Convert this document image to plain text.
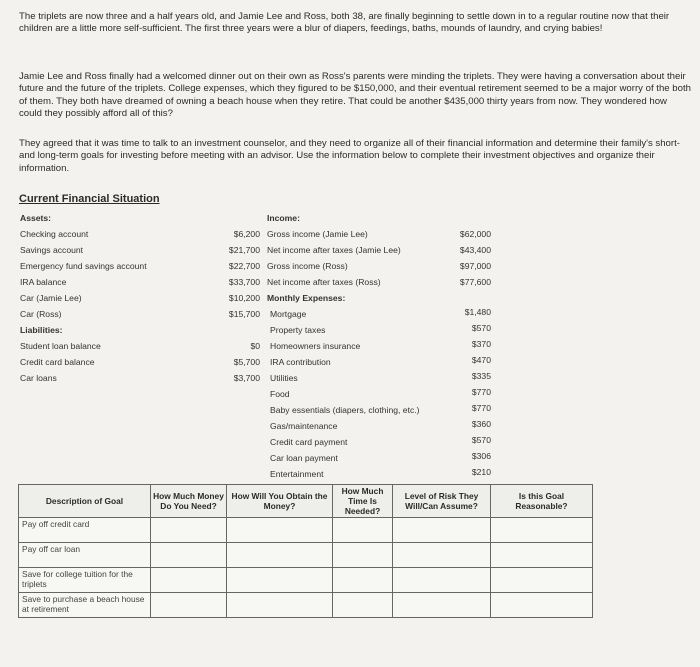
The triplets are now three and a half years old, and Jamie Lee and Ross, both 38, are finally beginning to settle down in to a regular routine now that their children are a little more self-sufficient. The first three years were a blur of diapers, feedings, baths, mounds of laundry, and crying babies!
Jamie Lee and Ross finally had a welcomed dinner out on their own as Ross's parents were minding the triplets. They were having a conversation about their future and the future of the triplets. College expenses, which they figured to be $150,000, and their eventual retirement seemed to be a major worry of the both of them. They both have dreamed of owning a beach house when they retire. That could be another $435,000 thirty years from now. They wondered how could they possibly afford all of this?
They agreed that it was time to talk to an investment counselor, and they need to organize all of their financial information and determine their family's short- and long-term goals for investing before meeting with an advisor. Use the information below to complete their investment objectives and organize their information.
Current Financial Situation
Assets:
Checking account	$6,200
Savings account	$21,700
Emergency fund savings account	$22,700
IRA balance	$33,700
Car (Jamie Lee)	$10,200
Car (Ross)	$15,700
Liabilities:
Student loan balance	$0
Credit card balance	$5,700
Car loans	$3,700
Income:
Gross income (Jamie Lee)	$62,000
Net income after taxes (Jamie Lee)	$43,400
Gross income (Ross)	$97,000
Net income after taxes (Ross)	$77,600
Monthly Expenses:
Mortgage	$1,480
Property taxes	$570
Homeowners insurance	$370
IRA contribution	$470
Utilities	$335
Food	$770
Baby essentials (diapers, clothing, etc.)	$770
Gas/maintenance	$360
Credit card payment	$570
Car loan payment	$306
Entertainment	$210
Description of Goal	How Much Money Do You Need?	How Will You Obtain the Money?	How Much Time Is Needed?	Level of Risk They Will/Can Assume?	Is this Goal Reasonable?
Pay off credit card					
Pay off car loan					
Save for college tuition for the triplets					
Save to purchase a beach house at retirement					
